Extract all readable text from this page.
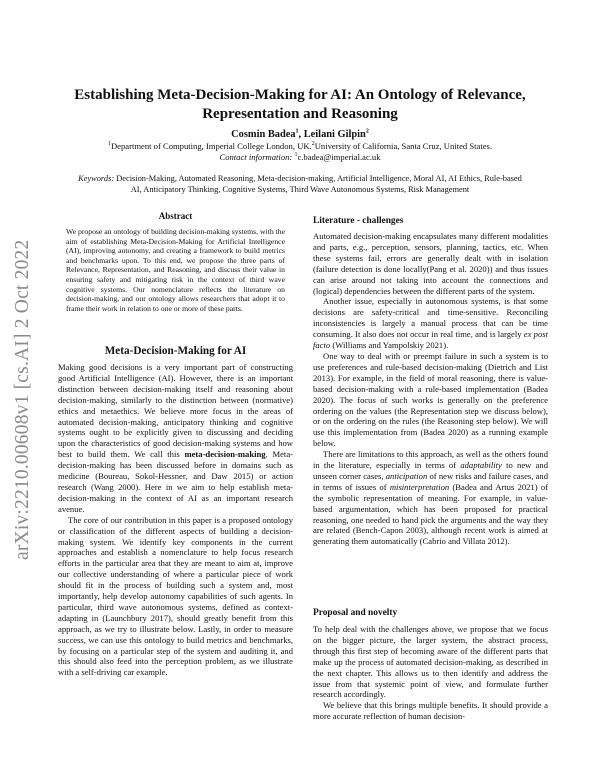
arXiv:2210.00608v1 [cs.AI] 2 Oct 2022
Establishing Meta-Decision-Making for AI: An Ontology of Relevance,
Representation and Reasoning
Cosmin Badea$^1$, Leilani Gilpin$^2$
$^1$Department of Computing, Imperial College London, UK.$^2$University of California, Santa Cruz, United States.
Contact information: $^1$c.badea@imperial.ac.uk
Keywords: Decision-Making, Automated Reasoning, Meta-decision-making, Artificial Intelligence, Moral AI, AI Ethics, Rule-based AI, Anticipatory Thinking, Cognitive Systems, Third Wave Autonomous Systems, Risk Management
Abstract
We propose an ontology of building decision-making systems, with the aim of establishing Meta-Decision-Making for Artificial Intelligence (AI), improving autonomy, and creating a framework to build metrics and benchmarks upon. To this end, we propose the three parts of Relevance, Representation, and Reasoning, and discuss their value in ensuring safety and mitigating risk in the context of third wave cognitive systems. Our nomenclature reflects the literature on decision-making, and our ontology allows researchers that adopt it to frame their work in relation to one or more of these parts.
Meta-Decision-Making for AI

Making good decisions is a very important part of constructing good Artificial Intelligence (AI). However, there is an important distinction between decision-making itself and reasoning about decision-making, similarly to the distinction between (normative) ethics and metaethics. We believe more focus in the areas of automated decision-making, anticipatory thinking and cognitive systems ought to be explicitly given to discussing and deciding upon the characteristics of good decision-making systems and how best to build them. We call this meta-decision-making. Meta-decision-making has been discussed before in domains such as medicine (Boureau, Sokol-Hessner, and Daw 2015) or action research (Wang 2000). Here in we aim to help establish meta-decision-making in the context of AI as an important research avenue.

The core of our contribution in this paper is a proposed ontology or classification of the different aspects of building a decision-making system. We identify key components in the current approaches and establish a nomenclature to help focus research efforts in the particular area that they are meant to aim at, improve our collective understanding of where a particular piece of work should fit in the process of building such a system and, most importantly, help develop autonomy capabilities of such agents. In particular, third wave autonomous systems, defined as context-adapting in (Launchbury 2017), should greatly benefit from this approach, as we try to illustrate below. Lastly, in order to measure success, we can use this ontology to build metrics and benchmarks, by focusing on a particular step of the system and auditing it, and this should also feed into the perception problem, as we illustrate with a self-driving car example.

Literature - challenges

Automated decision-making encapsulates many different modalities and parts, e.g., perception, sensors, planning, tactics, etc. When these systems fail, errors are generally dealt with in isolation (failure detection is done locally(Pang et al. 2020)) and thus issues can arise around not taking into account the connections and (logical) dependencies between the different parts of the system.

Another issue, especially in autonomous systems, is that some decisions are safety-critical and time-sensitive. Reconciling inconsistencies is largely a manual process that can be time consuming. It also does not occur in real time, and is largely ex post facto (Williams and Yampolskiy 2021).

One way to deal with or preempt failure in such a system is to use preferences and rule-based decision-making (Dietrich and List 2013). For example, in the field of moral reasoning, there is value-based decision-making with a rule-based implementation (Badea 2020). The focus of such works is generally on the preference ordering on the values (the Representation step we discuss below), or on the ordering on the rules (the Reasoning step below). We will use this implementation from (Badea 2020) as a running example below.

There are limitations to this approach, as well as the others found in the literature, especially in terms of adaptability to new and unseen corner cases, anticipation of new risks and failure cases, and in terms of issues of misinterpretation (Badea and Artus 2021) of the symbolic representation of meaning. For example, in value-based argumentation, which has been proposed for practical reasoning, one needed to hand pick the arguments and the way they are related (Bench-Capon 2003), although recent work is aimed at generating them automatically (Cabrio and Villata 2012).

Proposal and novelty

To help deal with the challenges above, we propose that we focus on the bigger picture, the larger system, the abstract process, through this first step of becoming aware of the different parts that make up the process of automated decision-making, as described in the next chapter. This allows us to then identify and address the issue from that systemic point of view, and formulate further research accordingly.

We believe that this brings multiple benefits. It should provide a more accurate reflection of human decision-
